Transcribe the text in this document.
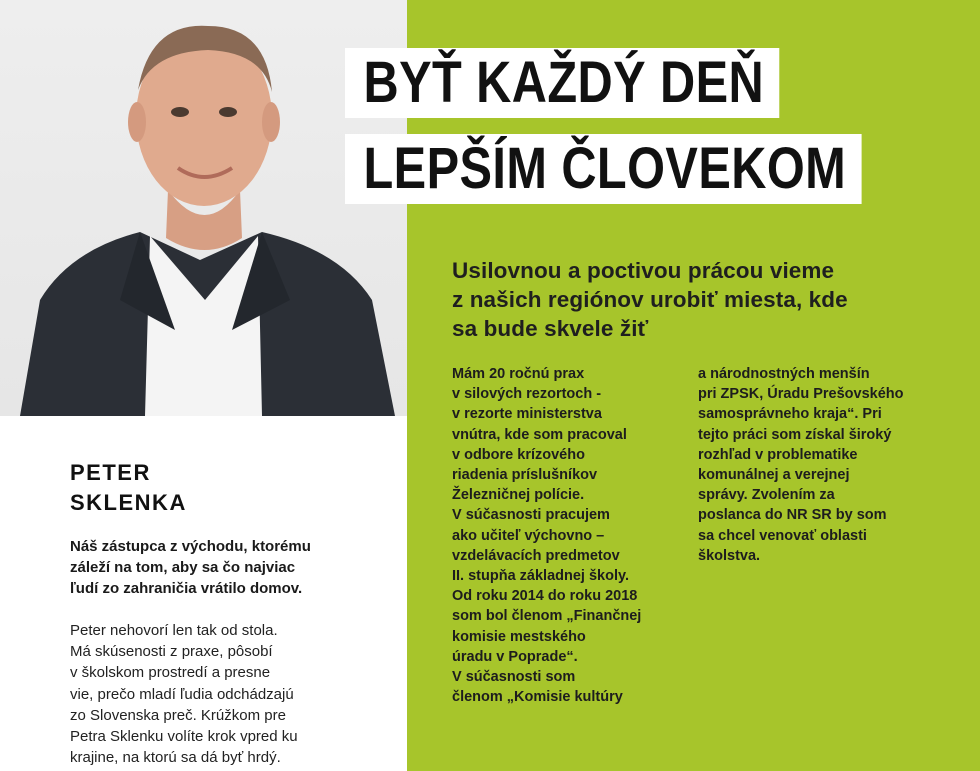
BYŤ KAŽDÝ DEŇ
LEPŠÍM ČLOVEKOM
Usilovnou a poctivou prácou vieme
z našich regiónov urobiť miesta, kde
sa bude skvele žiť
Mám 20 ročnú prax
v silových rezortoch -
v rezorte ministerstva
vnútra, kde som pracoval
v odbore krízového
riadenia príslušníkov
Železničnej polície.
V súčasnosti pracujem
ako učiteľ výchovno –
vzdelávacích predmetov
II. stupňa základnej školy.
Od roku 2014 do roku 2018
som bol členom „Finančnej
komisie mestského
úradu v Poprade“.
V súčasnosti som
členom „Komisie kultúry
a národnostných menšín
pri ZPSK, Úradu Prešovského
samosprávneho kraja“. Pri
tejto práci som získal široký
rozhľad v problematike
komunálnej a verejnej
správy. Zvolením za
poslanca do NR SR by som
sa chcel venovať oblasti
školstva.
PETER
SKLENKA
Náš zástupca z východu, ktorému
záleží na tom, aby sa čo najviac
ľudí zo zahraničia vrátilo domov.
Peter nehovorí len tak od stola.
Má skúsenosti z praxe, pôsobí
v školskom prostredí a presne
vie, prečo mladí ľudia odchádzajú
zo Slovenska preč. Krúžkom pre
Petra Sklenku volíte krok vpred ku
krajine, na ktorú sa dá byť hrdý.
